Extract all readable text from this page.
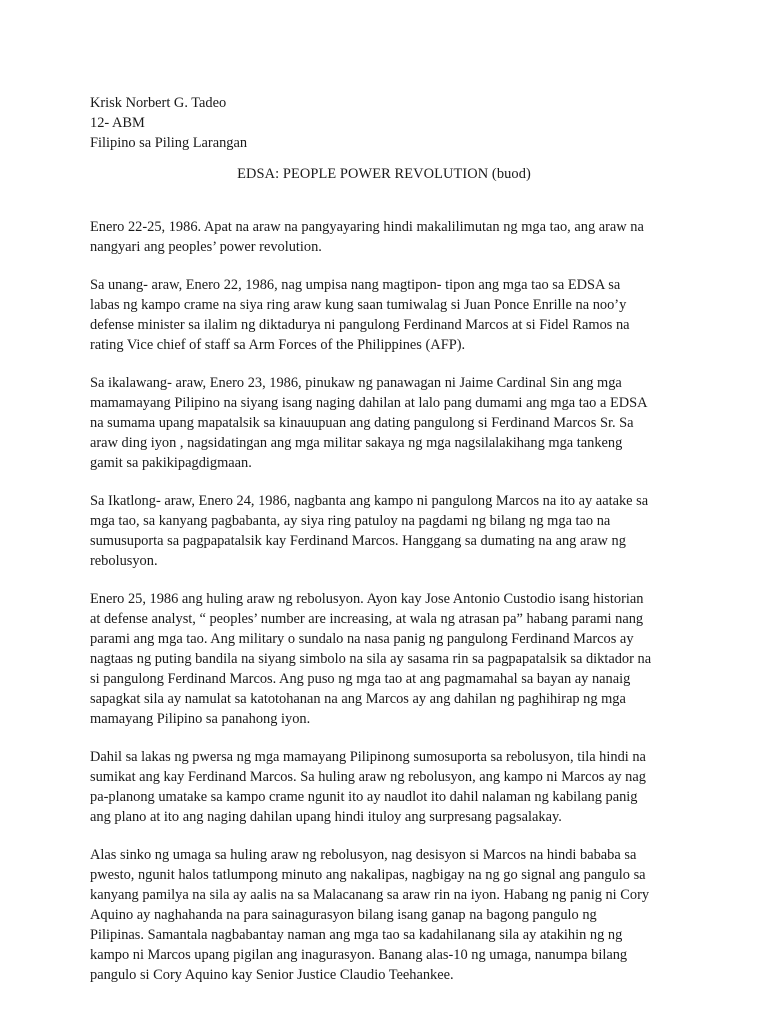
Krisk Norbert G. Tadeo
12- ABM
Filipino sa Piling Larangan
EDSA: PEOPLE POWER REVOLUTION (buod)
Enero 22-25, 1986. Apat na araw na pangyayaring hindi makalilimutan ng mga tao, ang araw na
nangyari ang peoples’ power revolution.
Sa unang- araw, Enero 22, 1986, nag umpisa nang magtipon- tipon ang mga tao sa EDSA sa
labas ng kampo crame na siya ring araw kung saan tumiwalag si Juan Ponce Enrille na noo’y
defense minister sa ilalim ng diktadurya ni pangulong Ferdinand Marcos at si Fidel Ramos na
rating Vice chief of staff sa Arm Forces of the Philippines (AFP).
Sa ikalawang- araw, Enero 23, 1986, pinukaw ng panawagan ni Jaime Cardinal Sin ang mga
mamamayang Pilipino na siyang isang naging dahilan at lalo pang dumami ang mga tao a EDSA
na sumama upang mapatalsik sa kinauupuan ang dating pangulong si Ferdinand Marcos Sr. Sa
araw ding iyon , nagsidatingan ang mga militar sakaya ng mga nagsilalakihang mga tankeng
gamit sa pakikipagdigmaan.
Sa Ikatlong- araw, Enero 24, 1986, nagbanta ang kampo ni pangulong Marcos na ito ay aatake sa
mga tao, sa kanyang pagbabanta, ay siya ring patuloy na pagdami ng bilang ng mga tao na
sumusuporta sa pagpapatalsik kay Ferdinand Marcos. Hanggang sa dumating na ang araw ng
rebolusyon.
Enero 25, 1986 ang huling araw ng rebolusyon. Ayon kay Jose Antonio Custodio isang historian
at defense analyst, “ peoples’ number are increasing, at wala ng atrasan pa” habang parami nang
parami ang mga tao. Ang military o sundalo na nasa panig ng pangulong Ferdinand Marcos ay
nagtaas ng puting bandila na siyang simbolo na sila ay sasama rin sa pagpapatalsik sa diktador na
si pangulong Ferdinand Marcos. Ang puso ng mga tao at ang pagmamahal sa bayan ay nanaig
sapagkat sila ay namulat sa katotohanan na ang Marcos ay ang dahilan ng paghihirap ng mga
mamayang Pilipino sa panahong iyon.
Dahil sa lakas ng pwersa ng mga mamayang Pilipinong sumosuporta sa rebolusyon, tila hindi na
sumikat ang kay Ferdinand Marcos. Sa huling araw ng rebolusyon, ang kampo ni Marcos ay nag
pa-planong umatake sa kampo crame ngunit ito ay naudlot ito dahil nalaman ng kabilang panig
ang plano at ito ang naging dahilan upang hindi ituloy ang surpresang pagsalakay.
Alas sinko ng umaga sa huling araw ng rebolusyon, nag desisyon si Marcos na hindi bababa sa
pwesto, ngunit halos tatlumpong minuto ang nakalipas, nagbigay na ng go signal ang pangulo sa
kanyang pamilya na sila ay aalis na sa Malacanang sa araw rin na iyon. Habang ng panig ni Cory
Aquino ay naghahanda na para sainagurasyon bilang isang ganap na bagong pangulo ng
Pilipinas. Samantala nagbabantay naman ang mga tao sa kadahilanang sila ay atakihin ng ng
kampo ni Marcos upang pigilan ang inagurasyon. Banang alas-10 ng umaga, nanumpa bilang
pangulo si Cory Aquino kay Senior Justice Claudio Teehankee.
